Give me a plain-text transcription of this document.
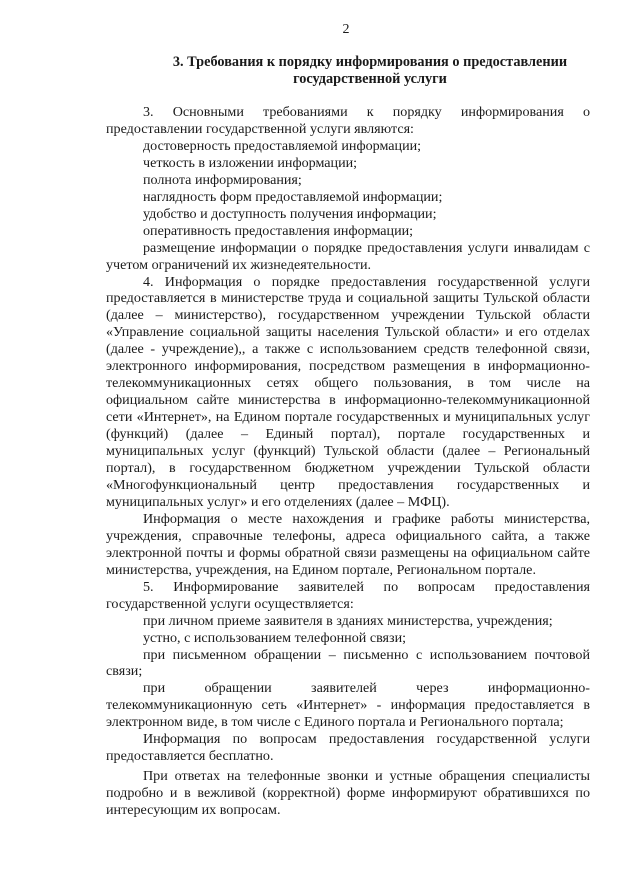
2
3. Требования к порядку информирования о предоставлении государственной услуги

3. Основными требованиями к порядку информирования о предоставлении государственной услуги являются:

достоверность предоставляемой информации;

четкость в изложении информации;

полнота информирования;

наглядность форм предоставляемой информации;

удобство и доступность получения информации;

оперативность предоставления информации;

размещение информации о порядке предоставления услуги инвалидам с учетом ограничений их жизнедеятельности.

4. Информация о порядке предоставления государственной услуги предоставляется в министерстве труда и социальной защиты Тульской области (далее – министерство), государственном учреждении Тульской области «Управление социальной защиты населения Тульской области» и его отделах (далее - учреждение),, а также с использованием средств телефонной связи, электронного информирования, посредством размещения в информационно-телекоммуникационных сетях общего пользования, в том числе на официальном сайте министерства в информационно-телекоммуникационной сети «Интернет», на Едином портале государственных и муниципальных услуг (функций) (далее – Единый портал), портале государственных и муниципальных услуг (функций) Тульской области (далее – Региональный портал), в государственном бюджетном учреждении Тульской области «Многофункциональный центр предоставления государственных и муниципальных услуг» и его отделениях (далее – МФЦ).

Информация о месте нахождения и графике работы министерства, учреждения, справочные телефоны, адреса официального сайта, а также электронной почты и формы обратной связи размещены на официальном сайте министерства, учреждения, на Едином портале, Региональном портале.

5. Информирование заявителей по вопросам предоставления государственной услуги осуществляется:

при личном приеме заявителя в зданиях министерства, учреждения;

устно, с использованием телефонной связи;

при письменном обращении – письменно с использованием почтовой связи;

при обращении заявителей через информационно-телекоммуникационную сеть «Интернет» - информация предоставляется в электронном виде, в том числе с Единого портала и Регионального портала;

Информация по вопросам предоставления государственной услуги предоставляется бесплатно.

При ответах на телефонные звонки и устные обращения специалисты подробно и в вежливой (корректной) форме информируют обратившихся по интересующим их вопросам.
